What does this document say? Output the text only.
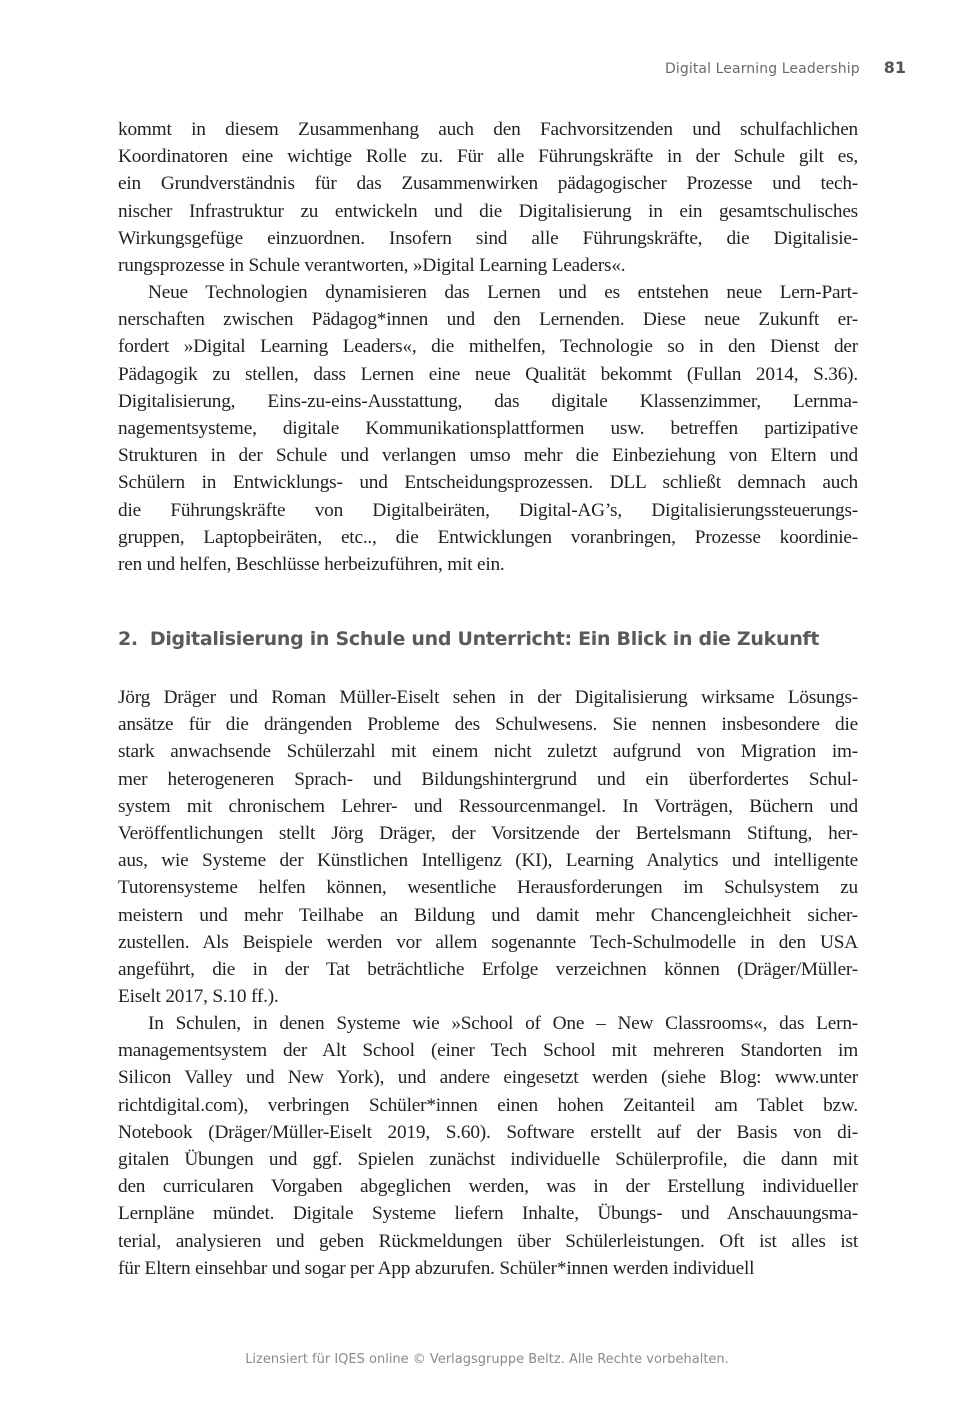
Digital Learning Leadership 81
kommt in diesem Zusammenhang auch den Fachvorsitzenden und schulfachlichen
Koordinatoren eine wichtige Rolle zu. Für alle Führungskräfte in der Schule gilt es,
ein Grundverständnis für das Zusammenwirken pädagogischer Prozesse und tech-
nischer Infrastruktur zu entwickeln und die Digitalisierung in ein gesamtschulisches
Wirkungsgefüge einzuordnen. Insofern sind alle Führungskräfte, die Digitalisie-
rungsprozesse in Schule verantworten, »Digital Learning Leaders«.
Neue Technologien dynamisieren das Lernen und es entstehen neue Lern-Part-
nerschaften zwischen Pädagog*innen und den Lernenden. Diese neue Zukunft er-
fordert »Digital Learning Leaders«, die mithelfen, Technologie so in den Dienst der
Pädagogik zu stellen, dass Lernen eine neue Qualität bekommt (Fullan 2014, S.36).
Digitalisierung, Eins-zu-eins-Ausstattung, das digitale Klassenzimmer, Lernma-
nagementsysteme, digitale Kommunikationsplattformen usw. betreffen partizipative
Strukturen in der Schule und verlangen umso mehr die Einbeziehung von Eltern und
Schülern in Entwicklungs- und Entscheidungsprozessen. DLL schließt demnach auch
die Führungskräfte von Digitalbeiräten, Digital-AG’s, Digitalisierungssteuerungs-
gruppen, Laptopbeiräten, etc.., die Entwicklungen voranbringen, Prozesse koordinie-
ren und helfen, Beschlüsse herbeizuführen, mit ein.
2. Digitalisierung in Schule und Unterricht: Ein Blick in die Zukunft
Jörg Dräger und Roman Müller-Eiselt sehen in der Digitalisierung wirksame Lösungs-
ansätze für die drängenden Probleme des Schulwesens. Sie nennen insbesondere die
stark anwachsende Schülerzahl mit einem nicht zuletzt aufgrund von Migration im-
mer heterogeneren Sprach- und Bildungshintergrund und ein überfordertes Schul-
system mit chronischem Lehrer- und Ressourcenmangel. In Vorträgen, Büchern und
Veröffentlichungen stellt Jörg Dräger, der Vorsitzende der Bertelsmann Stiftung, her-
aus, wie Systeme der Künstlichen Intelligenz (KI), Learning Analytics und intelligente
Tutorensysteme helfen können, wesentliche Herausforderungen im Schulsystem zu
meistern und mehr Teilhabe an Bildung und damit mehr Chancengleichheit sicher-
zustellen. Als Beispiele werden vor allem sogenannte Tech-Schulmodelle in den USA
angeführt, die in der Tat beträchtliche Erfolge verzeichnen können (Dräger/Müller-
Eiselt 2017, S.10 ff.).
In Schulen, in denen Systeme wie »School of One – New Classrooms«, das Lern-
managementsystem der Alt School (einer Tech School mit mehreren Standorten im
Silicon Valley und New York), und andere eingesetzt werden (siehe Blog: www.unter
richtdigital.com), verbringen Schüler*innen einen hohen Zeitanteil am Tablet bzw.
Notebook (Dräger/Müller-Eiselt 2019, S.60). Software erstellt auf der Basis von di-
gitalen Übungen und ggf. Spielen zunächst individuelle Schülerprofile, die dann mit
den curricularen Vorgaben abgeglichen werden, was in der Erstellung individueller
Lernpläne mündet. Digitale Systeme liefern Inhalte, Übungs- und Anschauungsma-
terial, analysieren und geben Rückmeldungen über Schülerleistungen. Oft ist alles ist
für Eltern einsehbar und sogar per App abzurufen. Schüler*innen werden individuell
Lizensiert für IQES online © Verlagsgruppe Beltz. Alle Rechte vorbehalten.
